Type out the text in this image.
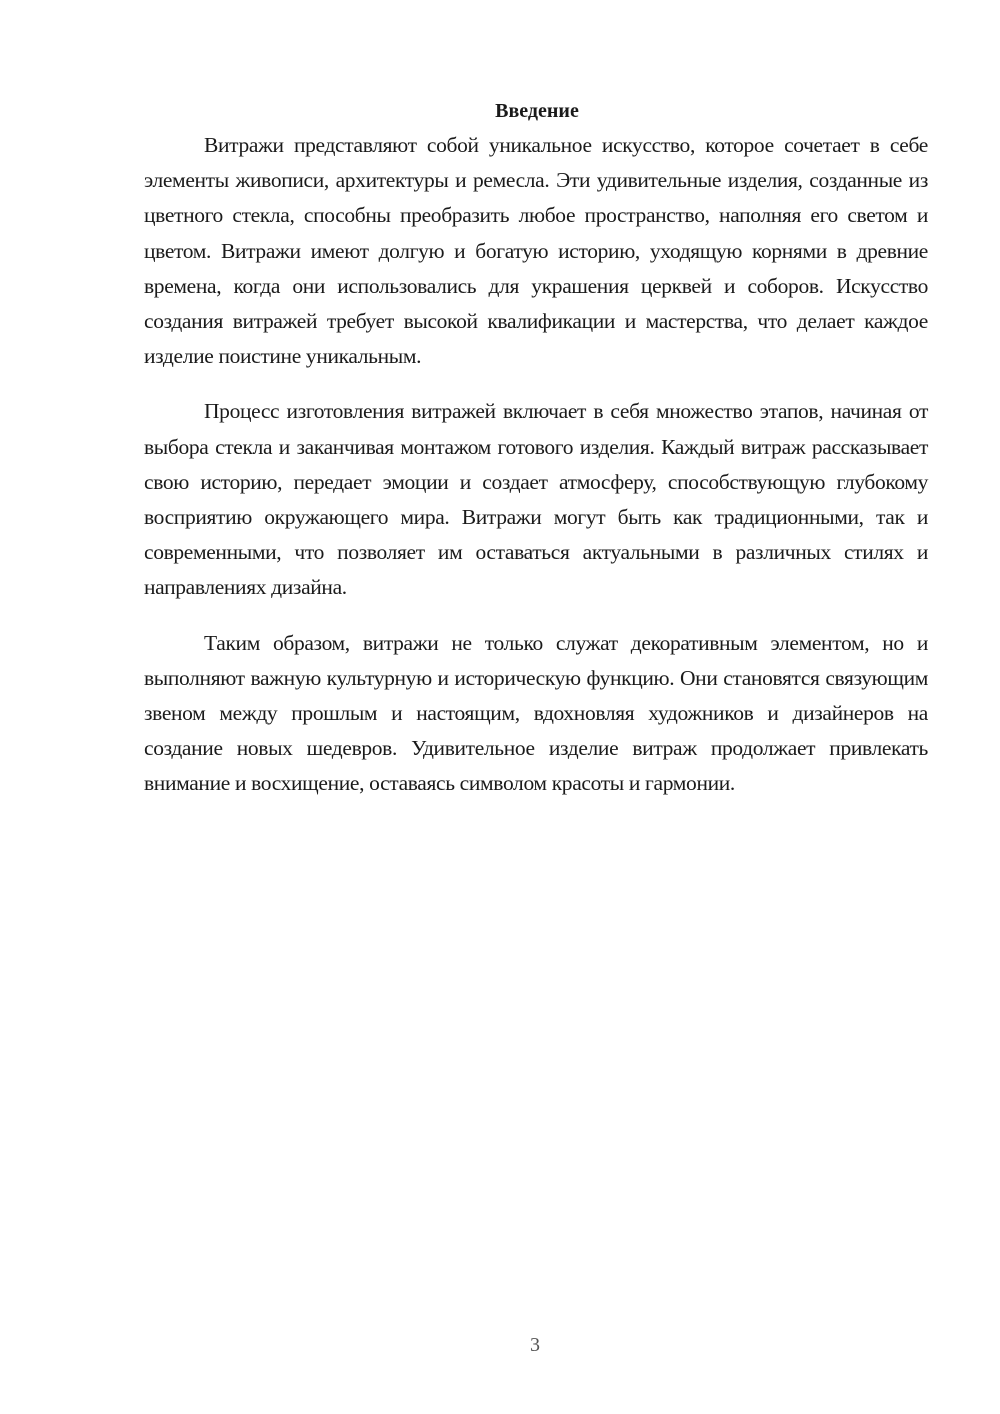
Введение

Витражи представляют собой уникальное искусство, которое сочетает в себе элементы живописи, архитектуры и ремесла. Эти удивительные изделия, созданные из цветного стекла, способны преобразить любое пространство, наполняя его светом и цветом. Витражи имеют долгую и богатую историю, уходящую корнями в древние времена, когда они использовались для украшения церквей и соборов. Искусство создания витражей требует высокой квалификации и мастерства, что делает каждое изделие поистине уникальным.

Процесс изготовления витражей включает в себя множество этапов, начиная от выбора стекла и заканчивая монтажом готового изделия. Каждый витраж рассказывает свою историю, передает эмоции и создает атмосферу, способствующую глубокому восприятию окружающего мира. Витражи могут быть как традиционными, так и современными, что позволяет им оставаться актуальными в различных стилях и направлениях дизайна.

Таким образом, витражи не только служат декоративным элементом, но и выполняют важную культурную и историческую функцию. Они становятся связующим звеном между прошлым и настоящим, вдохновляя художников и дизайнеров на создание новых шедевров. Удивительное изделие витраж продолжает привлекать внимание и восхищение, оставаясь символом красоты и гармонии.

3
